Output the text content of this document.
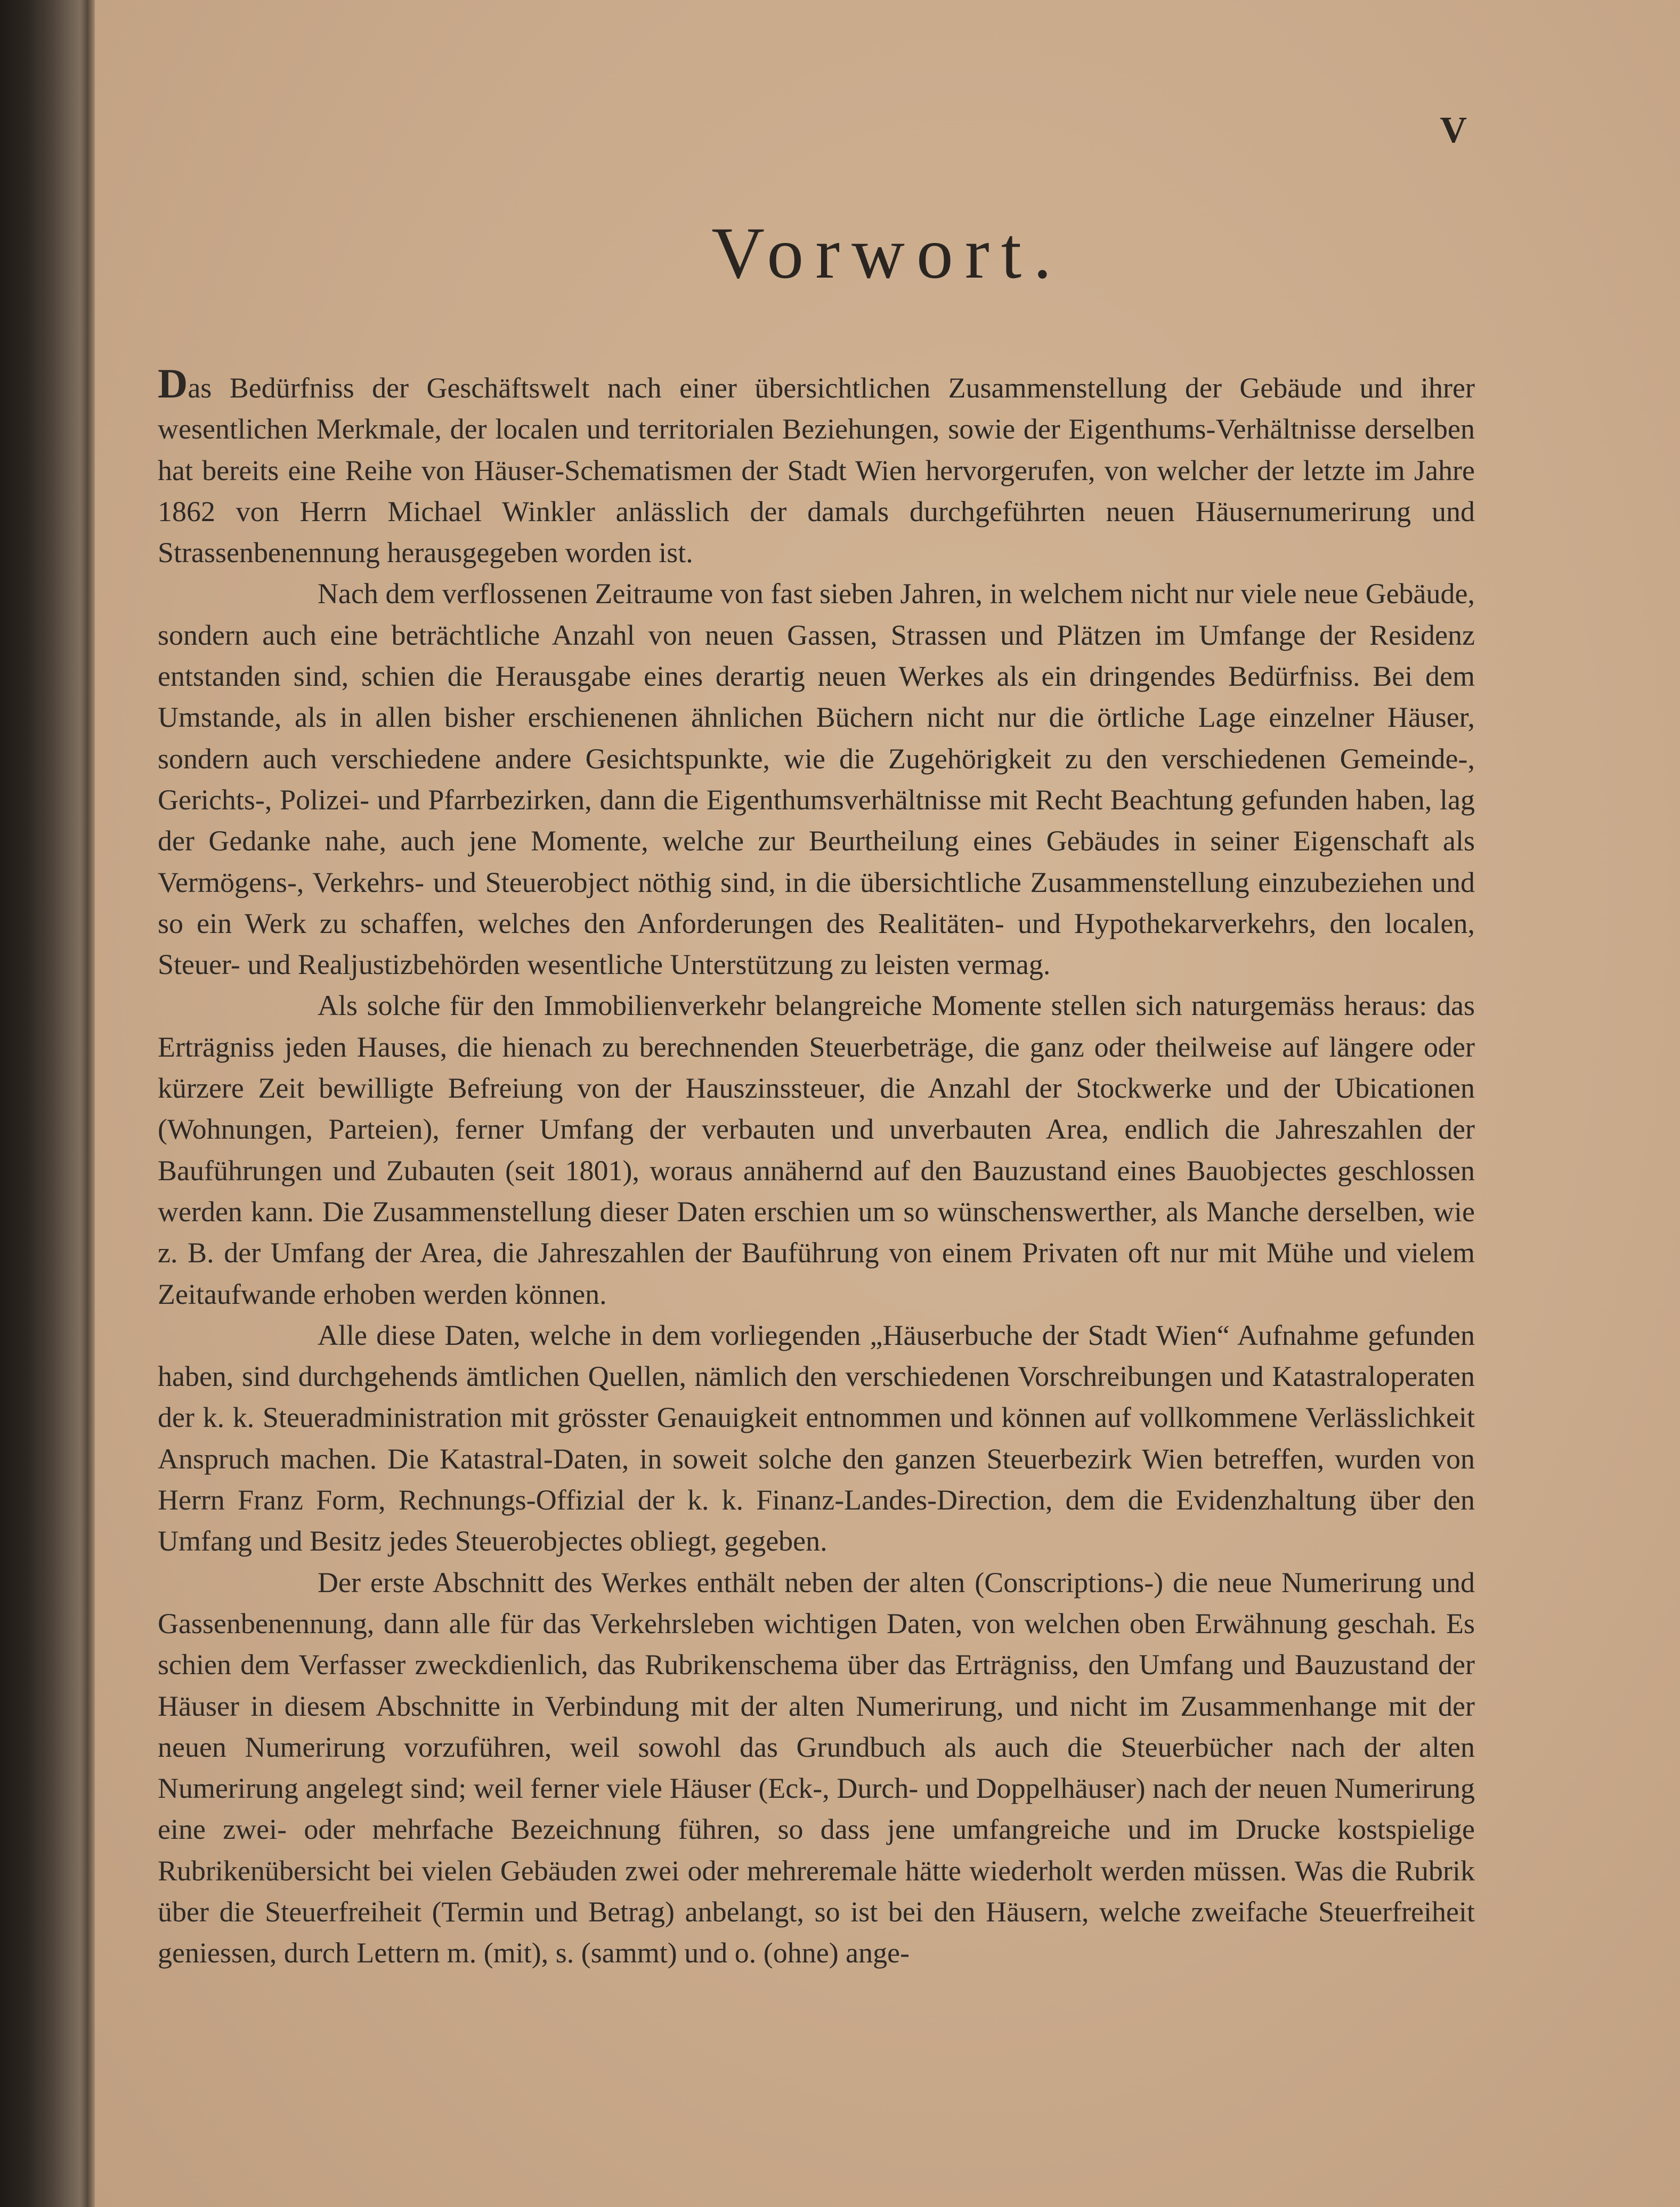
V

Vorwort.

Das Bedürfniss der Geschäftswelt nach einer übersichtlichen Zusammenstellung der Gebäude und ihrer wesentlichen Merkmale, der localen und territorialen Beziehungen, sowie der Eigenthums-Verhältnisse derselben hat bereits eine Reihe von Häuser-Schematismen der Stadt Wien hervorgerufen, von welcher der letzte im Jahre 1862 von Herrn Michael Winkler anlässlich der damals durchgeführten neuen Häusernumerirung und Strassenbenennung herausgegeben worden ist.

Nach dem verflossenen Zeitraume von fast sieben Jahren, in welchem nicht nur viele neue Gebäude, sondern auch eine beträchtliche Anzahl von neuen Gassen, Strassen und Plätzen im Umfange der Residenz entstanden sind, schien die Herausgabe eines derartig neuen Werkes als ein dringendes Bedürfniss. Bei dem Umstande, als in allen bisher erschienenen ähnlichen Büchern nicht nur die örtliche Lage einzelner Häuser, sondern auch verschiedene andere Gesichtspunkte, wie die Zugehörigkeit zu den verschiedenen Gemeinde-, Gerichts-, Polizei- und Pfarrbezirken, dann die Eigenthumsverhältnisse mit Recht Beachtung gefunden haben, lag der Gedanke nahe, auch jene Momente, welche zur Beurtheilung eines Gebäudes in seiner Eigenschaft als Vermögens-, Verkehrs- und Steuerobject nöthig sind, in die übersichtliche Zusammenstellung einzubeziehen und so ein Werk zu schaffen, welches den Anforderungen des Realitäten- und Hypothekarverkehrs, den localen, Steuer- und Realjustizbehörden wesentliche Unterstützung zu leisten vermag.

Als solche für den Immobilienverkehr belangreiche Momente stellen sich naturgemäss heraus: das Erträgniss jeden Hauses, die hienach zu berechnenden Steuerbeträge, die ganz oder theilweise auf längere oder kürzere Zeit bewilligte Befreiung von der Hauszinssteuer, die Anzahl der Stockwerke und der Ubicationen (Wohnungen, Parteien), ferner Umfang der verbauten und unverbauten Area, endlich die Jahreszahlen der Bauführungen und Zubauten (seit 1801), woraus annähernd auf den Bauzustand eines Bauobjectes geschlossen werden kann. Die Zusammenstellung dieser Daten erschien um so wünschenswerther, als Manche derselben, wie z. B. der Umfang der Area, die Jahreszahlen der Bauführung von einem Privaten oft nur mit Mühe und vielem Zeitaufwande erhoben werden können.

Alle diese Daten, welche in dem vorliegenden „Häuserbuche der Stadt Wien“ Aufnahme gefunden haben, sind durchgehends ämtlichen Quellen, nämlich den verschiedenen Vorschreibungen und Katastraloperaten der k. k. Steueradministration mit grösster Genauigkeit entnommen und können auf vollkommene Verlässlichkeit Anspruch machen. Die Katastral-Daten, in soweit solche den ganzen Steuerbezirk Wien betreffen, wurden von Herrn Franz Form, Rechnungs-Offizial der k. k. Finanz-Landes-Direction, dem die Evidenzhaltung über den Umfang und Besitz jedes Steuerobjectes obliegt, gegeben.

Der erste Abschnitt des Werkes enthält neben der alten (Conscriptions-) die neue Numerirung und Gassenbenennung, dann alle für das Verkehrsleben wichtigen Daten, von welchen oben Erwähnung geschah. Es schien dem Verfasser zweckdienlich, das Rubrikenschema über das Erträgniss, den Umfang und Bauzustand der Häuser in diesem Abschnitte in Verbindung mit der alten Numerirung, und nicht im Zusammenhange mit der neuen Numerirung vorzuführen, weil sowohl das Grundbuch als auch die Steuerbücher nach der alten Numerirung angelegt sind; weil ferner viele Häuser (Eck-, Durch- und Doppelhäuser) nach der neuen Numerirung eine zwei- oder mehrfache Bezeichnung führen, so dass jene umfangreiche und im Drucke kostspielige Rubrikenübersicht bei vielen Gebäuden zwei oder mehreremale hätte wiederholt werden müssen. Was die Rubrik über die Steuerfreiheit (Termin und Betrag) anbelangt, so ist bei den Häusern, welche zweifache Steuerfreiheit geniessen, durch Lettern m. (mit), s. (sammt) und o. (ohne) ange-
